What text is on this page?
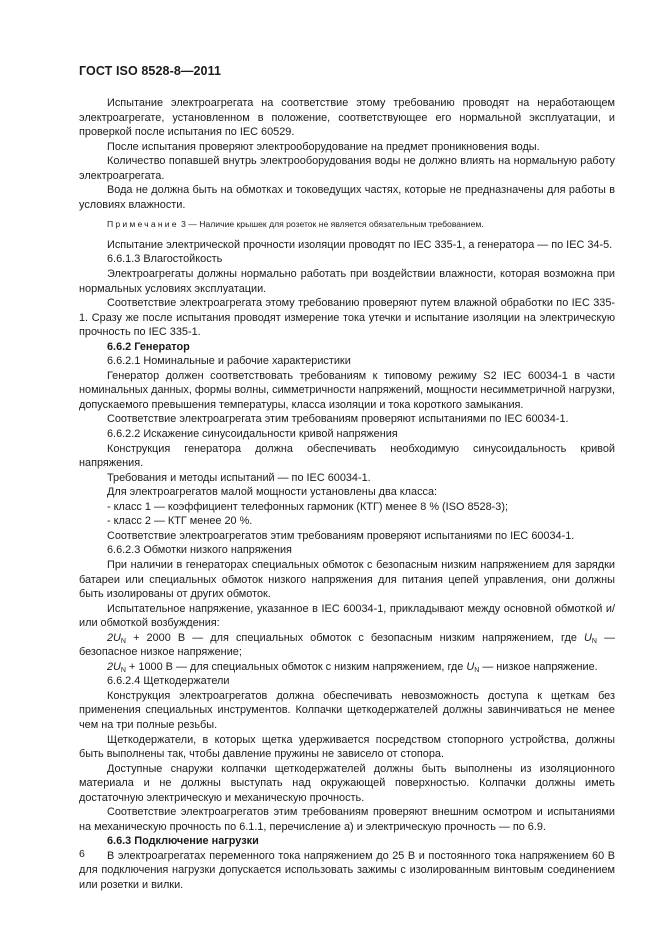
ГОСТ ISO 8528-8—2011

Испытание электроагрегата на соответствие этому требованию проводят на неработающем электроагрегате, установленном в положение, соответствующее его нормальной эксплуатации, и проверкой после испытания по IEC 60529.

После испытания проверяют электрооборудование на предмет проникновения воды.

Количество попавшей внутрь электрооборудования воды не должно влиять на нормальную работу электроагрегата.

Вода не должна быть на обмотках и токоведущих частях, которые не предназначены для работы в условиях влажности.

Примечание 3 — Наличие крышек для розеток не является обязательным требованием.

Испытание электрической прочности изоляции проводят по IEC 335-1, а генератора — по IEC 34-5.

6.6.1.3 Влагостойкость

Электроагрегаты должны нормально работать при воздействии влажности, которая возможна при нормальных условиях эксплуатации.

Соответствие электроагрегата этому требованию проверяют путем влажной обработки по IEC 335-1. Сразу же после испытания проводят измерение тока утечки и испытание изоляции на электрическую прочность по IEC 335-1.

6.6.2 Генератор

6.6.2.1 Номинальные и рабочие характеристики

Генератор должен соответствовать требованиям к типовому режиму S2 IEC 60034-1 в части номинальных данных, формы волны, симметричности напряжений, мощности несимметричной нагрузки, допускаемого превышения температуры, класса изоляции и тока короткого замыкания.

Соответствие электроагрегата этим требованиям проверяют испытаниями по IEC 60034-1.

6.6.2.2 Искажение синусоидальности кривой напряжения

Конструкция генератора должна обеспечивать необходимую синусоидальность кривой напряжения.

Требования и методы испытаний — по IEC 60034-1.

Для электроагрегатов малой мощности установлены два класса:

- класс 1 — коэффициент телефонных гармоник (КТГ) менее 8 % (ISO 8528-3);

- класс 2 — КТГ менее 20 %.

Соответствие электроагрегатов этим требованиям проверяют испытаниями по IEC 60034-1.

6.6.2.3 Обмотки низкого напряжения

При наличии в генераторах специальных обмоток с безопасным низким напряжением для зарядки батареи или специальных обмоток низкого напряжения для питания цепей управления, они должны быть изолированы от других обмоток.

Испытательное напряжение, указанное в IEC 60034-1, прикладывают между основной обмоткой и/или обмоткой возбуждения:

$2U_N + 2000$ В — для специальных обмоток с безопасным низким напряжением, где $U_N$ — безопасное низкое напряжение;

$2U_N + 1000$ В — для специальных обмоток с низким напряжением, где $U_N$ — низкое напряжение.

6.6.2.4 Щеткодержатели

Конструкция электроагрегатов должна обеспечивать невозможность доступа к щеткам без применения специальных инструментов. Колпачки щеткодержателей должны завинчиваться не менее чем на три полные резьбы.

Щеткодержатели, в которых щетка удерживается посредством стопорного устройства, должны быть выполнены так, чтобы давление пружины не зависело от стопора.

Доступные снаружи колпачки щеткодержателей должны быть выполнены из изоляционного материала и не должны выступать над окружающей поверхностью. Колпачки должны иметь достаточную электрическую и механическую прочность.

Соответствие электроагрегатов этим требованиям проверяют внешним осмотром и испытаниями на механическую прочность по 6.1.1, перечисление а) и электрическую прочность — по 6.9.

6.6.3 Подключение нагрузки

В электроагрегатах переменного тока напряжением до 25 В и постоянного тока напряжением 60 В для подключения нагрузки допускается использовать зажимы с изолированным винтовым соединением или розетки и вилки.

6
